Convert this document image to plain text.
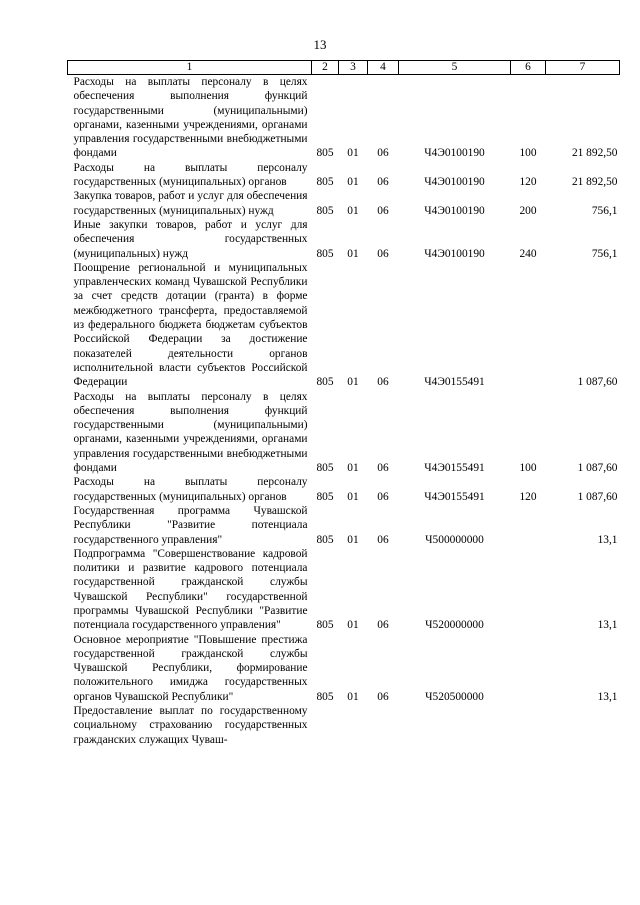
13
1	2	3	4	5	6	7
Расходы на выплаты персоналу в целях обеспечения выполнения функций государственными (муниципальными) органами, казенными учреждениями, органами управления государственными внебюджетными фондами	805	01	06	Ч4Э0100190	100	21 892,50
Расходы на выплаты персоналу государственных (муниципальных) органов	805	01	06	Ч4Э0100190	120	21 892,50
Закупка товаров, работ и услуг для обеспечения государственных (муниципальных) нужд	805	01	06	Ч4Э0100190	200	756,1
Иные закупки товаров, работ и услуг для обеспечения государственных (муниципальных) нужд	805	01	06	Ч4Э0100190	240	756,1
Поощрение региональной и муниципальных управленческих команд Чувашской Республики за счет средств дотации (гранта) в форме межбюджетного трансферта, предоставляемой из федерального бюджета бюджетам субъектов Российской Федерации за достижение показателей деятельности органов исполнительной власти субъектов Российской Федерации	805	01	06	Ч4Э0155491		1 087,60
Расходы на выплаты персоналу в целях обеспечения выполнения функций государственными (муниципальными) органами, казенными учреждениями, органами управления государственными внебюджетными фондами	805	01	06	Ч4Э0155491	100	1 087,60
Расходы на выплаты персоналу государственных (муниципальных) органов	805	01	06	Ч4Э0155491	120	1 087,60
Государственная программа Чувашской Республики "Развитие потенциала государственного управления"	805	01	06	Ч500000000		13,1
Подпрограмма "Совершенствование кадровой политики и развитие кадрового потенциала государственной гражданской службы Чувашской Республики" государственной программы Чувашской Республики "Развитие потенциала государственного управления"	805	01	06	Ч520000000		13,1
Основное мероприятие "Повышение престижа государственной гражданской службы Чувашской Республики, формирование положительного имиджа государственных органов Чувашской Республики"	805	01	06	Ч520500000		13,1
Предоставление выплат по государственному социальному страхованию государственных гражданских служащих Чуваш-						
